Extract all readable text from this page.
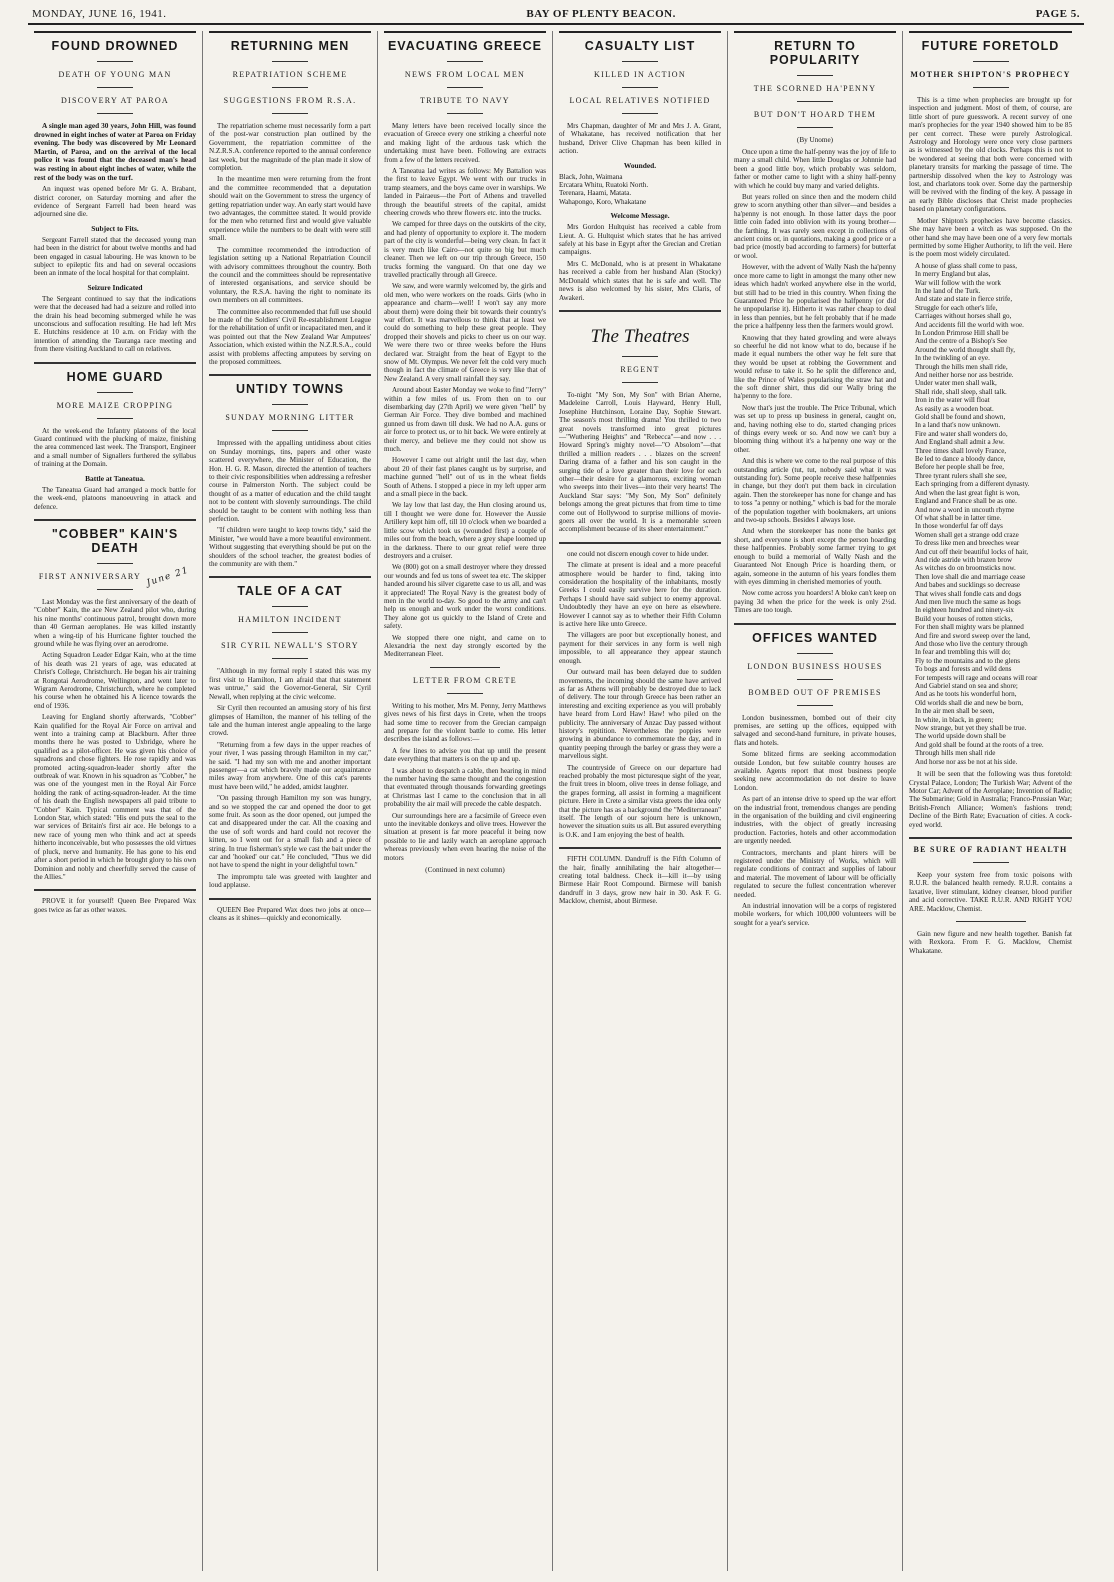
MONDAY, JUNE 16, 1941.	BAY OF PLENTY BEACON.	PAGE 5.
FOUND DROWNED
DEATH OF YOUNG MAN
DISCOVERY AT PAROA

A single man aged 30 years, John Hill, was found drowned in eight inches of water at Paroa on Friday evening. The body was discovered by Mr Leonard Martin, of Paroa, and on the arrival of the local police it was found that the deceased man's head was resting in about eight inches of water, while the rest of the body was on the turf.

An inquest was opened before Mr G. A. Brabant, district coroner, on Saturday morning and after the evidence of Sergeant Farrell had been heard was adjourned sine die.

Subject to Fits.

Sergeant Farrell stated that the deceased young man had been in the district for about twelve months and had been engaged in casual labouring. He was known to be subject to epileptic fits and had on several occasions been an inmate of the local hospital for that complaint.

Seizure Indicated

The Sergeant continued to say that the indications were that the deceased had had a seizure and rolled into the drain his head becoming submerged while he was unconscious and suffocation resulting. He had left Mrs E. Hutchins residence at 10 a.m. on Friday with the intention of attending the Tauranga race meeting and from there visiting Auckland to call on relatives.

HOME GUARD
MORE MAIZE CROPPING

At the week-end the Infantry platoons of the local Guard continued with the plucking of maize, finishing the area commenced last week. The Transport, Engineer and a small number of Signallers furthered the syllabus of training at the Domain.

Battle at Taneatua.

The Taneatua Guard had arranged a mock battle for the week-end, platoons manoeuvring in attack and defence.

"COBBER" KAIN'S DEATH
FIRST ANNIVERSARY June 21

Last Monday was the first anniversary of the death of "Cobber" Kain, the ace New Zealand pilot who, during his nine months' continuous patrol, brought down more than 40 German aeroplanes. He was killed instantly when a wing-tip of his Hurricane fighter touched the ground while he was flying over an aerodrome.

Acting Squadron Leader Edgar Kain, who at the time of his death was 21 years of age, was educated at Christ's College, Christchurch. He began his air training at Rongotai Aerodrome, Wellington, and went later to Wigram Aerodrome, Christchurch, where he completed his course when he obtained his A licence towards the end of 1936.

Leaving for England shortly afterwards, "Cobber" Kain qualified for the Royal Air Force on arrival and went into a training camp at Blackburn. After three months there he was posted to Uxbridge, where he qualified as a pilot-officer. He was given his choice of squadrons and chose fighters. He rose rapidly and was promoted acting-squadron-leader shortly after the outbreak of war. Known in his squadron as "Cobber," he was one of the youngest men in the Royal Air Force holding the rank of acting-squadron-leader. At the time of his death the English newspapers all paid tribute to "Cobber" Kain. Typical comment was that of the London Star, which stated: "His end puts the seal to the war services of Britain's first air ace. He belongs to a new race of young men who think and act at speeds hitherto inconceivable, but who possesses the old virtues of pluck, nerve and humanity. He has gone to his end after a short period in which he brought glory to his own Dominion and nobly and cheerfully served the cause of the Allies."

PROVE it for yourself! Queen Bee Prepared Wax goes twice as far as other waxes.

RETURNING MEN
REPATRIATION SCHEME
SUGGESTIONS FROM R.S.A.

The repatriation scheme must necessarily form a part of the post-war construction plan outlined by the Government, the repatriation committee of the N.Z.R.S.A. conference reported to the annual conference last week, but the magnitude of the plan made it slow of completion.

In the meantime men were returning from the front and the committee recommended that a deputation should wait on the Government to stress the urgency of getting repatriation under way. An early start would have two advantages, the committee stated. It would provide for the men who returned first and would give valuable experience while the numbers to be dealt with were still small.

The committee recommended the introduction of legislation setting up a National Repatriation Council with advisory committees throughout the country. Both the council and the committees should be representative of interested organisations, and service should be voluntary, the R.S.A. having the right to nominate its own members on all committees.

The committee also recommended that full use should be made of the Soldiers' Civil Re-establishment League for the rehabilitation of unfit or incapacitated men, and it was pointed out that the New Zealand War Amputees' Association, which existed within the N.Z.R.S.A., could assist with problems affecting amputees by serving on the proposed committees.

UNTIDY TOWNS
SUNDAY MORNING LITTER

Impressed with the appalling untidiness about cities on Sunday mornings, tins, papers and other waste scattered everywhere, the Minister of Education, the Hon. H. G. R. Mason, directed the attention of teachers to their civic responsibilities when addressing a refresher course in Palmerston North. The subject could be thought of as a matter of education and the child taught not to be content with slovenly surroundings. The child should be taught to be content with nothing less than perfection.

"If children were taught to keep towns tidy," said the Minister, "we would have a more beautiful environment. Without suggesting that everything should be put on the shoulders of the school teacher, the greatest bodies of the community are with them."

TALE OF A CAT
HAMILTON INCIDENT
SIR CYRIL NEWALL'S STORY

"Although in my formal reply I stated this was my first visit to Hamilton, I am afraid that that statement was untrue," said the Governor-General, Sir Cyril Newall, when replying at the civic welcome.

Sir Cyril then recounted an amusing story of his first glimpses of Hamilton, the manner of his telling of the tale and the human interest angle appealing to the large crowd.

"Returning from a few days in the upper reaches of your river, I was passing through Hamilton in my car," he said. "I had my son with me and another important passenger—a cat which bravely made our acquaintance miles away from anywhere. One of this cat's parents must have been wild," he added, amidst laughter.

"On passing through Hamilton my son was hungry, and so we stopped the car and opened the door to get some fruit. As soon as the door opened, out jumped the cat and disappeared under the car. All the coaxing and the use of soft words and hard could not recover the kitten, so I went out for a small fish and a piece of string. In true fisherman's style we cast the bait under the car and 'hooked' our cat." He concluded, "Thus we did not have to spend the night in your delightful town."

The impromptu tale was greeted with laughter and loud applause.

QUEEN Bee Prepared Wax does two jobs at once—cleans as it shines—quickly and economically.

EVACUATING GREECE
NEWS FROM LOCAL MEN
TRIBUTE TO NAVY

Many letters have been received locally since the evacuation of Greece every one striking a cheerful note and making light of the arduous task which the undertaking must have been. Following are extracts from a few of the letters received.

A Taneatua lad writes as follows: My Battalion was the first to leave Egypt. We went with our trucks in tramp steamers, and the boys came over in warships. We landed in Pairaeus—the Port of Athens and travelled through the beautiful streets of the capital, amidst cheering crowds who threw flowers etc. into the trucks.

We camped for three days on the outskirts of the city, and had plenty of opportunity to explore it. The modern part of the city is wonderful—being very clean. In fact it is very much like Cairo—not quite so big but much cleaner. Then we left on our trip through Greece, 150 trucks forming the vanguard. On that one day we travelled practically through all Greece.

We saw, and were warmly welcomed by, the girls and old men, who were workers on the roads. Girls (who in appearance and charm—well! I won't say any more about them) were doing their bit towards their country's war effort. It was marvellous to think that at least we could do something to help these great people. They dropped their shovels and picks to cheer us on our way. We were there two or three weeks before the Huns declared war. Straight from the heat of Egypt to the snow of Mt. Olympus. We never felt the cold very much though in fact the climate of Greece is very like that of New Zealand. A very small rainfall they say.

Around about Easter Monday we woke to find "Jerry" within a few miles of us. From then on to our disembarking day (27th April) we were given "hell" by German Air Force. They dive bombed and machined gunned us from dawn till dusk. We had no A.A. guns or air force to protect us, or to hit back. We were entirely at their mercy, and believe me they could not show us much.

However I came out alright until the last day, when about 20 of their fast planes caught us by surprise, and machine gunned "hell" out of us in the wheat fields South of Athens. I stopped a piece in my left upper arm and a small piece in the back.

We lay low that last day, the Hun closing around us, till I thought we were done for. However the Aussie Artillery kept him off, till 10 o'clock when we boarded a little scow which took us (wounded first) a couple of miles out from the beach, where a grey shape loomed up in the darkness. There to our great relief were three destroyers and a cruiser.

We (800) got on a small destroyer where they dressed our wounds and fed us tons of sweet tea etc. The skipper handed around his silver cigarette case to us all, and was it appreciated! The Royal Navy is the greatest body of men in the world to-day. So good to the army and can't help us enough and work under the worst conditions. They alone got us quickly to the Island of Crete and safety.

We stopped there one night, and came on to Alexandria the next day strongly escorted by the Mediterranean Fleet.

LETTER FROM CRETE

Writing to his mother, Mrs M. Penny, Jerry Matthews gives news of his first days in Crete, when the troops had some time to recover from the Grecian campaign and prepare for the violent battle to come. His letter describes the island as follows:—

A few lines to advise you that up until the present date everything that matters is on the up and up.

I was about to despatch a cable, then hearing in mind the number having the same thought and the congestion that eventuated through thousands forwarding greetings at Christmas last I came to the conclusion that in all probability the air mail will precede the cable despatch.

Our surroundings here are a facsimile of Greece even unto the inevitable donkeys and olive trees. However the situation at present is far more peaceful it being now possible to lie and lazily watch an aeroplane approach whereas previously when even hearing the noise of the motors

(Continued in next column)
CASUALTY LIST
KILLED IN ACTION
LOCAL RELATIVES NOTIFIED

Mrs Chapman, daughter of Mr and Mrs J. A. Grant, of Whakatane, has received notification that her husband, Driver Clive Chapman has been killed in action.

Wounded.

Black, John, Waimana
Ercatara Whitu, Ruatoki North.
Terenara, Haami, Matata.
Wahapongo, Koro, Whakatane

Welcome Message.

Mrs Gordon Hultquist has received a cable from Lieut. A. G. Hultquist which states that he has arrived safely at his base in Egypt after the Grecian and Cretian campaigns.

Mrs C. McDonald, who is at present in Whakatane has received a cable from her husband Alan (Stocky) McDonald which states that he is safe and well. The news is also welcomed by his sister, Mrs Claris, of Awakeri.

The Theatres
REGENT

To-night "My Son, My Son" with Brian Aherne, Madeleine Carroll, Louis Hayward, Henry Hull, Josephine Hutchinson, Loraine Day, Sophie Stewart. The season's most thrilling drama! You thrilled to two great novels transformed into great pictures—"Wuthering Heights" and "Rebecca"—and now . . . Howard Spring's mighty novel—"O Absolom"—that thrilled a million readers . . . blazes on the screen! Daring drama of a father and his son caught in the surging tide of a love greater than their love for each other—their desire for a glamorous, exciting woman who sweeps into their lives—into their very hearts! The Auckland Star says: "My Son, My Son" definitely belongs among the great pictures that from time to time come out of Hollywood to surprise millions of movie-goers all over the world. It is a memorable screen accomplishment because of its sheer entertainment."

one could not discern enough cover to hide under.

The climate at present is ideal and a more peaceful atmosphere would be harder to find, taking into consideration the hospitality of the inhabitants, mostly Greeks I could easily survive here for the duration. Perhaps I should have said subject to enemy approval. Undoubtedly they have an eye on here as elsewhere. However I cannot say as to whether their Fifth Column is active here like unto Greece.

The villagers are poor but exceptionally honest, and payment for their services in any form is well nigh impossible, to all appearance they appear staunch enough.

Our outward mail has been delayed due to sudden movements, the incoming should the same have arrived as far as Athens will probably be destroyed due to lack of delivery. The tour through Greece has been rather an interesting and exciting experience as you will probably have heard from Lord Haw! Haw! who piled on the publicity. The anniversary of Anzac Day passed without history's repitition. Nevertheless the poppies were growing in abundance to commemorate the day, and in quantity peeping through the barley or grass they were a marvellous sight.

The countryside of Greece on our departure had reached probably the most picturesque sight of the year, the fruit trees in bloom, olive trees in dense foliage, and the grapes forming, all assist in forming a magnificent picture. Here in Crete a similar vista greets the idea only that the picture has as a background the "Mediterranean" itself. The length of our sojourn here is unknown, however the situation suits us all. But assured everything is O.K. and I am enjoying the best of health.

FIFTH COLUMN. Dandruff is the Fifth Column of the hair, finally annihilating the hair altogether—creating total baldness. Check it—kill it—by using Birmese Hair Root Compound. Birmese will banish dandruff in 3 days, grow new hair in 30. Ask F. G. Macklow, chemist, about Birmese.

RETURN TO POPULARITY
THE SCORNED HA'PENNY
BUT DON'T HOARD THEM
(By Unome)

Once upon a time the half-penny was the joy of life to many a small child. When little Douglas or Johnnie had been a good little boy, which probably was seldom, father or mother came to light with a shiny half-penny with which he could buy many and varied delights.

But years rolled on since then and the modern child grew to scorn anything other than silver—and besides a ha'penny is not enough. In those latter days the poor little coin faded into oblivion with its young brother—the farthing. It was rarely seen except in collections of ancient coins or, in quotations, making a good price or a bad price (mostly bad according to farmers) for butterfat or wool.

However, with the advent of Wally Nash the ha'penny once more came to light in amongst the many other new ideas which hadn't worked anywhere else in the world, but still had to be tried in this country. When fixing the Guaranteed Price he popularised the halfpenny (or did he unpopularise it). Hitherto it was rather cheap to deal in less than pennies, but he felt probably that if he made the price a halfpenny less then the farmers would growl.

Knowing that they hated growling and were always so cheerful he did not know what to do, because if he made it equal numbers the other way he felt sure that they would be upset at robbing the Government and would refuse to take it. So he split the difference and, like the Prince of Wales popularising the straw hat and the soft dinner shirt, thus did our Wally bring the ha'penny to the fore.

Now that's just the trouble. The Price Tribunal, which was set up to press up business in general, caught on, and, having nothing else to do, started changing prices of things every week or so. And now we can't buy a blooming thing without it's a ha'penny one way or the other.

And this is where we come to the real purpose of this outstanding article (tut, tut, nobody said what it was outstanding for). Some people receive these halfpennies in change, but they don't put them back in circulation again. Then the storekeeper has none for change and has to toss "a penny or nothing," which is bad for the morale of the population together with bookmakers, art unions and two-up schools. Besides I always lose.

And when the storekeeper has none the banks get short, and everyone is short except the person hoarding these halfpennies. Probably some farmer trying to get enough to build a memorial of Wally Nash and the Guaranteed Not Enough Price is hoarding them, or again, someone in the autumn of his years fondles them with eyes dimming in cherished memories of youth.

Now come across you hoarders! A bloke can't keep on paying 3d when the price for the week is only 2½d. Times are too tough.

OFFICES WANTED
LONDON BUSINESS HOUSES
BOMBED OUT OF PREMISES

London businessmen, bombed out of their city premises, are setting up the offices, equipped with salvaged and second-hand furniture, in private houses, flats and hotels.

Some blitzed firms are seeking accommodation outside London, but few suitable country houses are available. Agents report that most business people seeking new accommodation do not desire to leave London.

As part of an intense drive to speed up the war effort on the industrial front, tremendous changes are pending in the organisation of the building and civil engineering industries, with the object of greatly increasing production. Factories, hotels and other accommodation are urgently needed.

Contractors, merchants and plant hirers will be registered under the Ministry of Works, which will regulate conditions of contract and supplies of labour and material. The movement of labour will be officially regulated to secure the fullest concentration wherever needed.

An industrial innovation will be a corps of registered mobile workers, for which 100,000 volunteers will be sought for a year's service.

FUTURE FORETOLD
MOTHER SHIPTON'S PROPHECY

This is a time when prophecies are brought up for inspection and judgment. Most of them, of course, are little short of pure guesswork. A recent survey of one man's prophecies for the year 1940 showed him to be 85 per cent correct. These were purely Astrological. Astrology and Horology were once very close partners as is witnessed by the old clocks. Perhaps this is not to be wondered at seeing that both were concerned with planetary transits for marking the passage of time. The partnership dissolved when the key to Astrology was lost, and charlatons took over. Some day the partnership will be revived with the finding of the key. A passage in an early Bible discloses that Christ made prophecies based on planetary configurations.

Mother Shipton's prophecies have become classics. She may have been a witch as was supposed. On the other hand she may have been one of a very few mortals permitted by some Higher Authority, to lift the veil. Here is the poem most widely circulated.

A house of glass shall come to pass,

In merry England but alas,

War will follow with the work

In the land of the Turk.

And state and state in fierce strife,

Struggle for each other's life,

Carriages without horses shall go,

And accidents fill the world with woe.

In London Primrose Hill shall be

And the centre of a Bishop's See

Around the world thought shall fly,

In the twinkling of an eye.

Through the hills men shall ride,

And neither horse nor ass bestride.

Under water men shall walk,

Shall ride, shall sleep, shall talk.

Iron in the water will float

As easily as a wooden boat.

Gold shall be found and shown,

In a land that's now unknown.

Fire and water shall wonders do,

And England shall admit a Jew.

Three times shall lovely France,

Be led to dance a bloody dance,

Before her people shall be free,

Three tyrant rulers shall she see,

Each springing from a different dynasty.

And when the last great fight is won,

England and France shall be as one.

And now a word in uncouth rhyme

Of what shall be in latter time.

In those wonderful far off days

Women shall get a strange odd craze

To dress like men and breeches wear

And cut off their beautiful locks of hair,

And ride astride with brazen brow

As witches do on broomsticks now.

Then love shall die and marriage cease

And babes and sucklings so decrease

That wives shall fondle cats and dogs

And men live much the same as hogs

In eighteen hundred and ninety-six

Build your houses of rotten sticks,

For then shall mighty wars be planned

And fire and sword sweep over the land,

And those who live the century through

In fear and trembling this will do;

Fly to the mountains and to the glens

To bogs and forests and wild dens

For tempests will rage and oceans will roar

And Gabriel stand on sea and shore;

And as he toots his wonderful horn,

Old worlds shall die and new be born,

In the air men shall be seen,

In white, in black, in green;

Now strange, but yet they shall be true.

The world upside down shall be

And gold shall be found at the roots of a tree.

Through hills men shall ride

And horse nor ass be not at his side.

It will be seen that the following was thus foretold: Crystal Palace, London; The Turkish War; Advent of the Motor Car; Advent of the Aeroplane; Invention of Radio; The Submarine; Gold in Australia; Franco-Prussian War; British-French Alliance; Women's fashions trend; Decline of the Birth Rate; Evacuation of cities. A cock-eyed world.

BE SURE OF RADIANT HEALTH

Keep your system free from toxic poisons with R.U.R. the balanced health remedy. R.U.R. contains a laxative, liver stimulant, kidney cleanser, blood purifier and acid corrective. TAKE R.U.R. AND RIGHT YOU ARE. Macklow, Chemist.

Gain new figure and new health together. Banish fat with Rexkora. From F. G. Macklow, Chemist Whakatane.
